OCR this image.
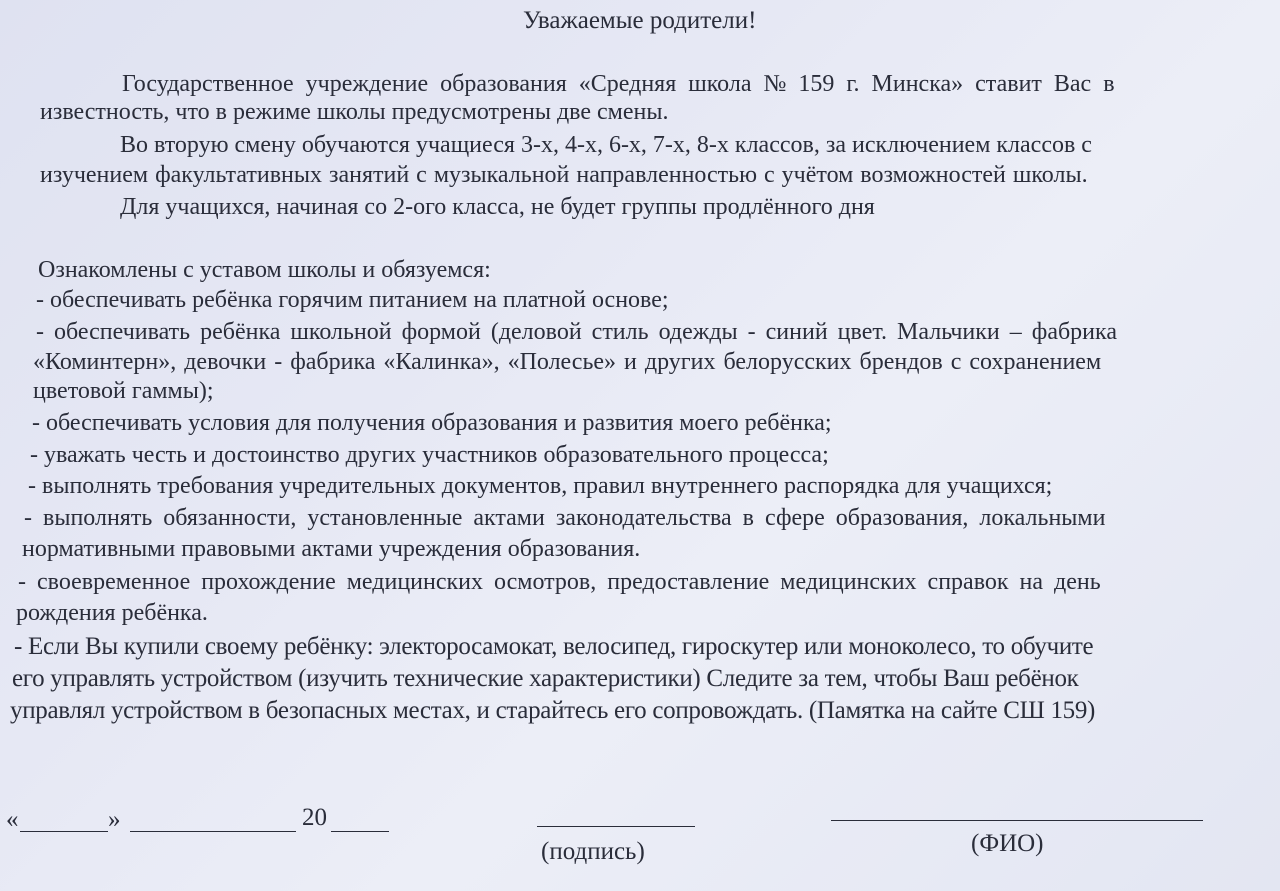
Уважаемые родители!
Государственное учреждение образования «Средняя школа № 159 г. Минска» ставит Вас в
известность, что в режиме школы предусмотрены две смены.
Во вторую смену обучаются учащиеся 3-х, 4-х, 6-х, 7-х, 8-х классов, за исключением классов с
изучением факультативных занятий с музыкальной направленностью с учётом возможностей школы.
Для учащихся, начиная со 2-ого класса, не будет группы продлённого дня
Ознакомлены с уставом школы и обязуемся:
- обеспечивать ребёнка горячим питанием на платной основе;
- обеспечивать ребёнка школьной формой (деловой стиль одежды - синий цвет. Мальчики – фабрика
«Коминтерн», девочки - фабрика «Калинка», «Полесье» и других белорусских брендов с сохранением
цветовой гаммы);
- обеспечивать условия для получения образования и развития моего ребёнка;
- уважать честь и достоинство других участников образовательного процесса;
- выполнять требования учредительных документов, правил внутреннего распорядка для учащихся;
- выполнять обязанности, установленные актами законодательства в сфере образования, локальными
нормативными правовыми актами учреждения образования.
- своевременное прохождение медицинских осмотров, предоставление медицинских справок на день
рождения ребёнка.
- Если Вы купили своему ребёнку: электоросамокат, велосипед, гироскутер или моноколесо, то обучите
его управлять устройством (изучить технические характеристики) Следите за тем, чтобы Ваш ребёнок
управлял устройством в безопасных местах, и старайтесь его сопровождать. (Памятка на сайте СШ 159)
«	»	20
(подпись)	(ФИО)
